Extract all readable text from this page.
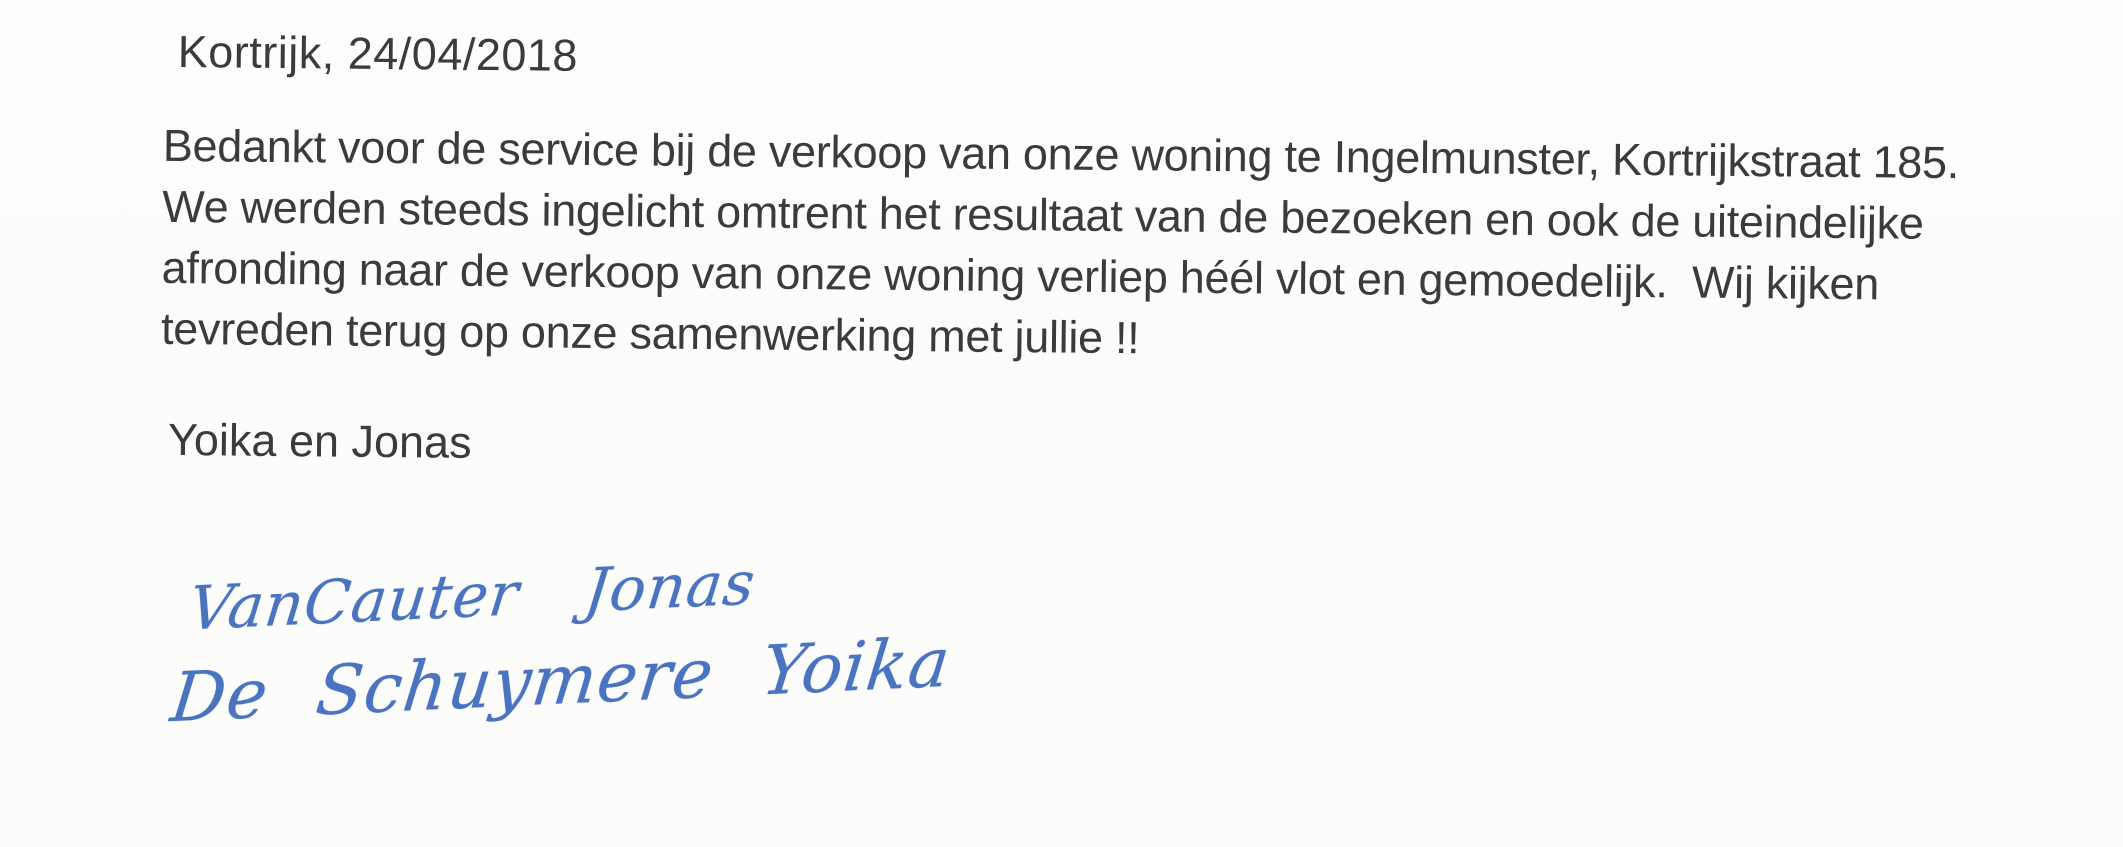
Kortrijk, 24/04/2018
Bedankt voor de service bij de verkoop van onze woning te Ingelmunster, Kortrijkstraat 185.
We werden steeds ingelicht omtrent het resultaat van de bezoeken en ook de uiteindelijke
afronding naar de verkoop van onze woning verliep héél vlot en gemoedelijk.  Wij kijken
tevreden terug op onze samenwerking met jullie !!
Yoika en Jonas
VanCauter Jonas
De Schuymere Yoika
